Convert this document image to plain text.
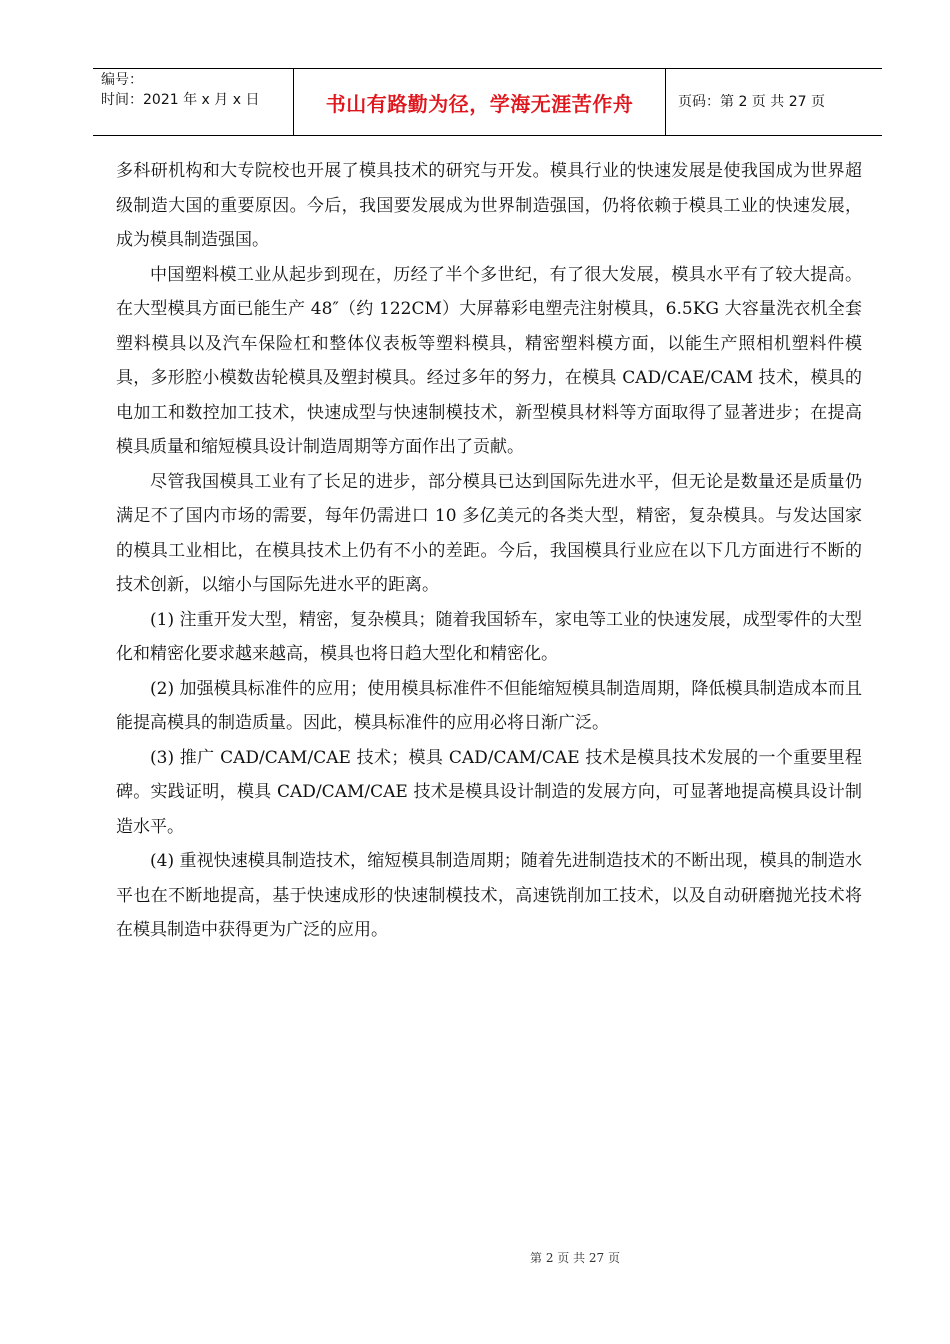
编号：
时间：2021 年 x 月 x 日	书山有路勤为径，学海无涯苦作舟	页码：第 2 页 共 27 页

多科研机构和大专院校也开展了模具技术的研究与开发。模具行业的快速发展是使我国成为世界超级制造大国的重要原因。今后，我国要发展成为世界制造强国，仍将依赖于模具工业的快速发展，成为模具制造强国。

中国塑料模工业从起步到现在，历经了半个多世纪，有了很大发展，模具水平有了较大提高。在大型模具方面已能生产 48″（约 122CM）大屏幕彩电塑壳注射模具，6.5KG 大容量洗衣机全套塑料模具以及汽车保险杠和整体仪表板等塑料模具，精密塑料模方面，以能生产照相机塑料件模具，多形腔小模数齿轮模具及塑封模具。经过多年的努力，在模具 CAD/CAE/CAM 技术，模具的电加工和数控加工技术，快速成型与快速制模技术，新型模具材料等方面取得了显著进步；在提高模具质量和缩短模具设计制造周期等方面作出了贡献。

尽管我国模具工业有了长足的进步，部分模具已达到国际先进水平，但无论是数量还是质量仍满足不了国内市场的需要，每年仍需进口 10 多亿美元的各类大型，精密，复杂模具。与发达国家的模具工业相比，在模具技术上仍有不小的差距。今后，我国模具行业应在以下几方面进行不断的技术创新，以缩小与国际先进水平的距离。

(1) 注重开发大型，精密，复杂模具；随着我国轿车，家电等工业的快速发展，成型零件的大型化和精密化要求越来越高，模具也将日趋大型化和精密化。

(2) 加强模具标准件的应用；使用模具标准件不但能缩短模具制造周期，降低模具制造成本而且能提高模具的制造质量。因此，模具标准件的应用必将日渐广泛。

(3) 推广 CAD/CAM/CAE 技术；模具 CAD/CAM/CAE 技术是模具技术发展的一个重要里程碑。实践证明，模具 CAD/CAM/CAE 技术是模具设计制造的发展方向，可显著地提高模具设计制造水平。

(4) 重视快速模具制造技术，缩短模具制造周期；随着先进制造技术的不断出现，模具的制造水平也在不断地提高，基于快速成形的快速制模技术，高速铣削加工技术，以及自动研磨抛光技术将在模具制造中获得更为广泛的应用。

第 2 页 共 27 页
